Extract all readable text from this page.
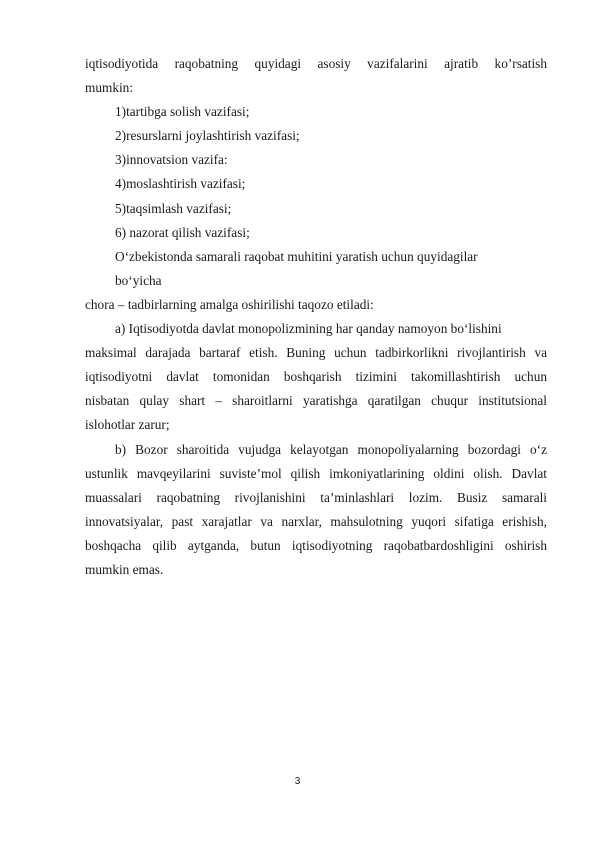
iqtisodiyotida raqobatning quyidagi asosiy vazifalarini ajratib ko’rsatish
mumkin:
1)tartibga solish vazifasi;
2)resurslarni joylashtirish vazifasi;
3)innovatsion vazifa:
4)moslashtirish vazifasi;
5)taqsimlash vazifasi;
6) nazorat qilish vazifasi;
O‘zbekistonda samarali raqobat muhitini yaratish uchun quyidagilar
bo‘yicha
chora – tadbirlarning amalga oshirilishi taqozo etiladi:
a) Iqtisodiyotda davlat monopolizmining har qanday namoyon bo‘lishini
maksimal darajada bartaraf etish. Buning uchun tadbirkorlikni rivojlantirish va
iqtisodiyotni davlat tomonidan boshqarish tizimini takomillashtirish uchun
nisbatan qulay shart – sharoitlarni yaratishga qaratilgan chuqur institutsional
islohotlar zarur;
b) Bozor sharoitida vujudga kelayotgan monopoliyalarning bozordagi o‘z
ustunlik mavqeyilarini suviste’mol qilish imkoniyatlarining oldini olish. Davlat
muassalari raqobatning rivojlanishini ta’minlashlari lozim. Busiz samarali
innovatsiyalar, past xarajatlar va narxlar, mahsulotning yuqori sifatiga erishish,
boshqacha qilib aytganda, butun iqtisodiyotning raqobatbardoshligini oshirish
mumkin emas.
3
